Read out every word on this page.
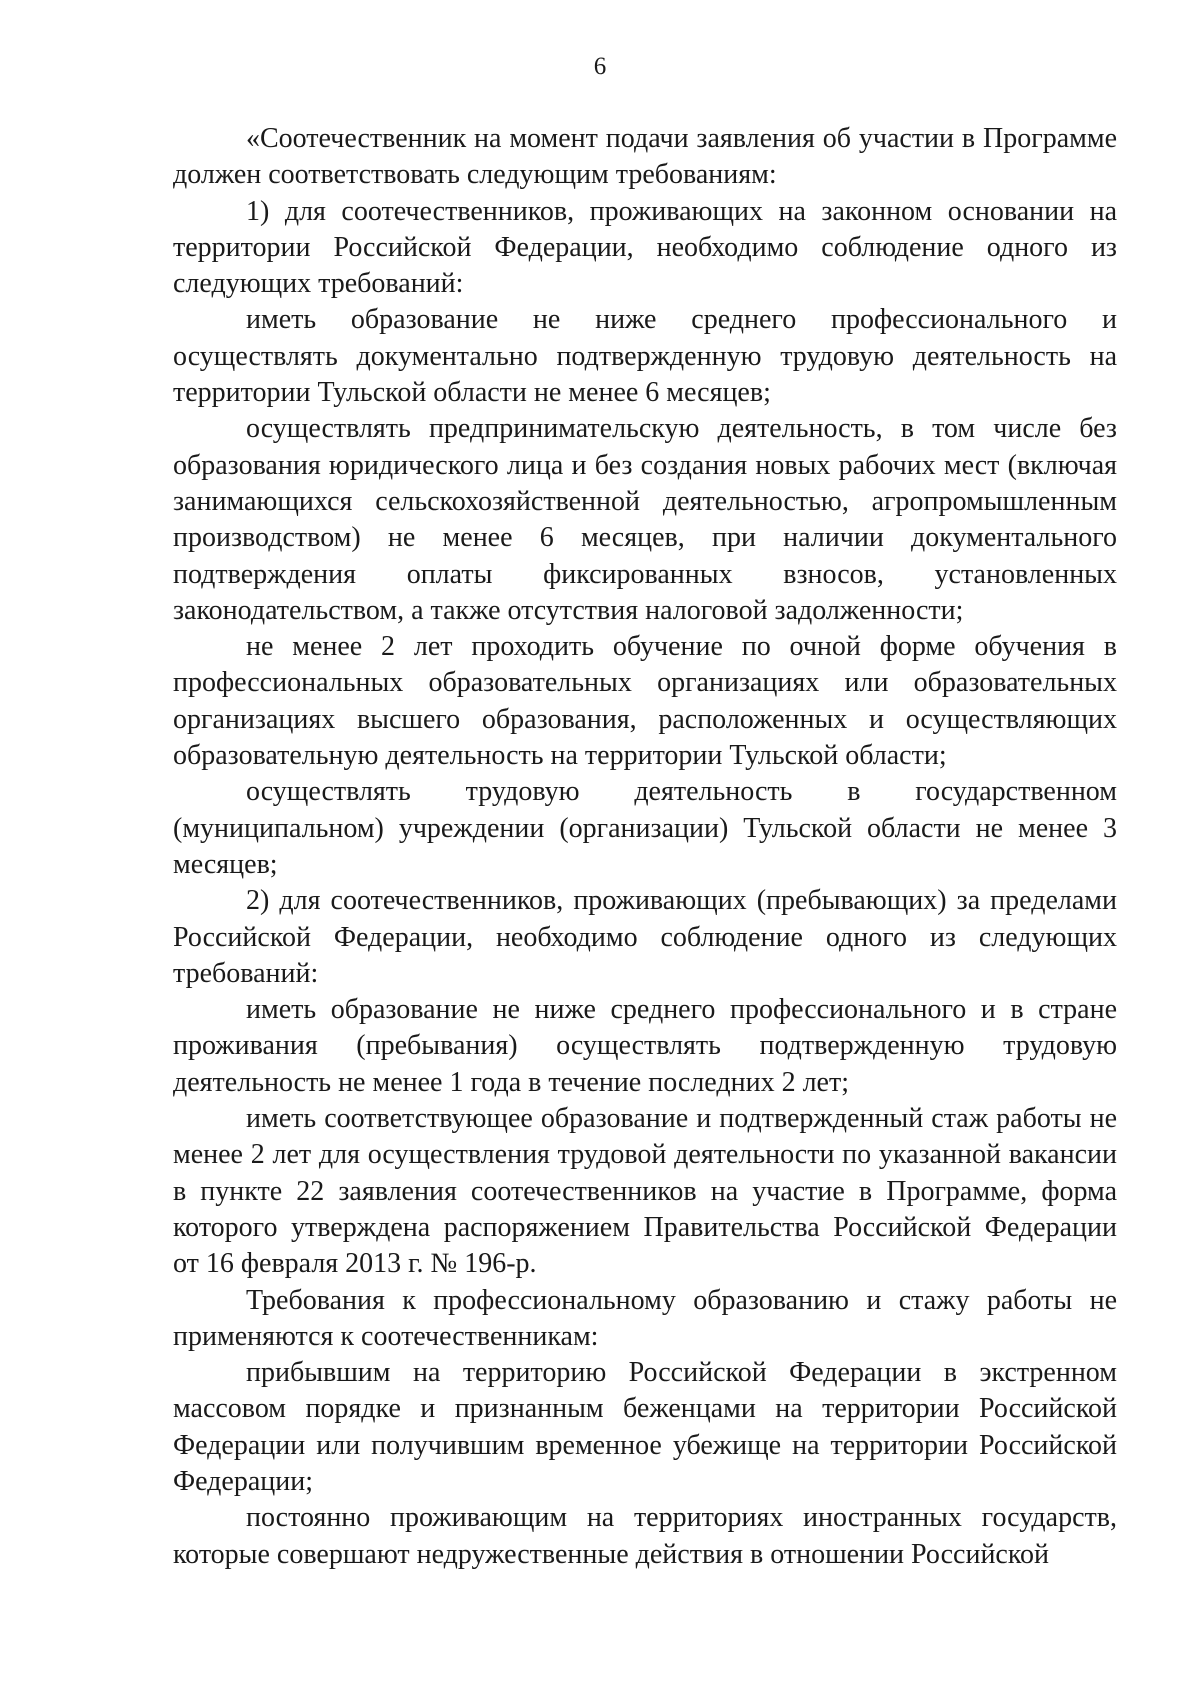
6

«Соотечественник на момент подачи заявления об участии в Программе должен соответствовать следующим требованиям:

1) для соотечественников, проживающих на законном основании на территории Российской Федерации, необходимо соблюдение одного из следующих требований:

иметь образование не ниже среднего профессионального и осуществлять документально подтвержденную трудовую деятельность на территории Тульской области не менее 6 месяцев;

осуществлять предпринимательскую деятельность, в том числе без образования юридического лица и без создания новых рабочих мест (включая занимающихся сельскохозяйственной деятельностью, агропромышленным производством) не менее 6 месяцев, при наличии документального подтверждения оплаты фиксированных взносов, установленных законодательством, а также отсутствия налоговой задолженности;

не менее 2 лет проходить обучение по очной форме обучения в профессиональных образовательных организациях или образовательных организациях высшего образования, расположенных и осуществляющих образовательную деятельность на территории Тульской области;

осуществлять трудовую деятельность в государственном (муниципальном) учреждении (организации) Тульской области не менее 3 месяцев;

2) для соотечественников, проживающих (пребывающих) за пределами Российской Федерации, необходимо соблюдение одного из следующих требований:

иметь образование не ниже среднего профессионального и в стране проживания (пребывания) осуществлять подтвержденную трудовую деятельность не менее 1 года в течение последних 2 лет;

иметь соответствующее образование и подтвержденный стаж работы не менее 2 лет для осуществления трудовой деятельности по указанной вакансии в пункте 22 заявления соотечественников на участие в Программе, форма которого утверждена распоряжением Правительства Российской Федерации от 16 февраля 2013 г. № 196-р.

Требования к профессиональному образованию и стажу работы не применяются к соотечественникам:

прибывшим на территорию Российской Федерации в экстренном массовом порядке и признанным беженцами на территории Российской Федерации или получившим временное убежище на территории Российской Федерации;

постоянно проживающим на территориях иностранных государств, которые совершают недружественные действия в отношении Российской
